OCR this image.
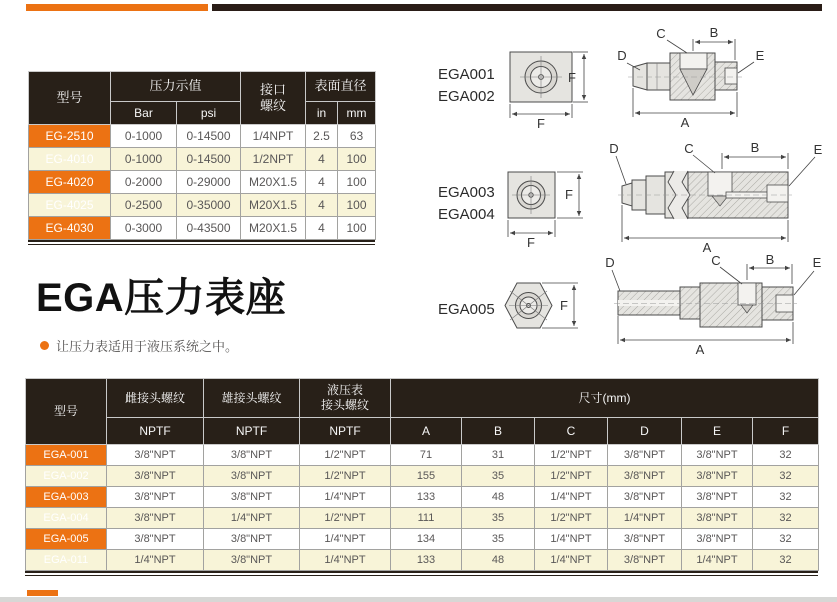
型号	压力示值		接口
螺纹	表面直径	
	Bar	psi		in	mm
EG-2510	0-1000	0-14500	1/4NPT	2.5	63
EG-4010	0-1000	0-14500	1/2NPT	4	100
EG-4020	0-2000	0-29000	M20X1.5	4	100
EG-4025	0-2500	0-35000	M20X1.5	4	100
EG-4030	0-3000	0-43500	M20X1.5	4	100
EGA压力表座
让压力表适用于液压系统之中。
EGA001
EGA002
F
F
B
C
D	E
A
EGA003
EGA004
F
F
B
C
D	E
A
EGA005	F
B
C
D	E
A
型号	雌接头螺纹	雄接头螺纹	液压表
接头螺纹	尺寸(mm)					
	NPTF	NPTF	NPTF	A	B	C	D	E	F
EGA-001	3/8"NPT	3/8"NPT	1/2"NPT	71	31	1/2"NPT	3/8"NPT	3/8"NPT	32
EGA-002	3/8"NPT	3/8"NPT	1/2"NPT	155	35	1/2"NPT	3/8"NPT	3/8"NPT	32
EGA-003	3/8"NPT	3/8"NPT	1/4"NPT	133	48	1/4"NPT	3/8"NPT	3/8"NPT	32
EGA-004	3/8"NPT	1/4"NPT	1/2"NPT	111	35	1/2"NPT	1/4"NPT	3/8"NPT	32
EGA-005	3/8"NPT	3/8"NPT	1/4"NPT	134	35	1/4"NPT	3/8"NPT	3/8"NPT	32
EGA-011	1/4"NPT	3/8"NPT	1/4"NPT	133	48	1/4"NPT	3/8"NPT	1/4"NPT	32
